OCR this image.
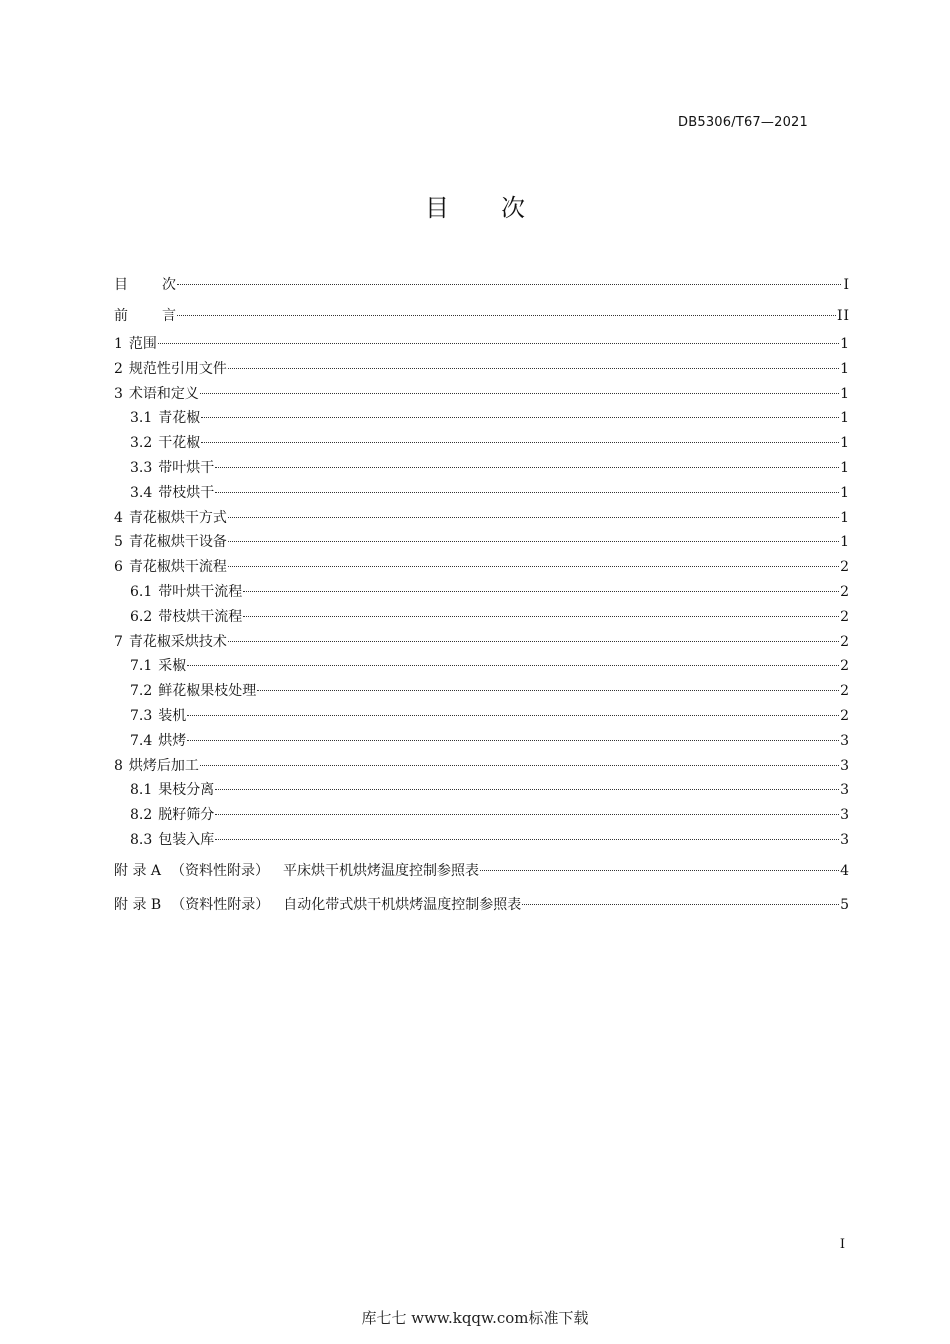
DB5306/T67—2021
目 次
目 次	I
前 言	II
1 范围	1
2 规范性引用文件	1
3 术语和定义	1
3.1 青花椒	1
3.2 干花椒	1
3.3 带叶烘干	1
3.4 带枝烘干	1
4 青花椒烘干方式	1
5 青花椒烘干设备	1
6 青花椒烘干流程	2
6.1 带叶烘干流程	2
6.2 带枝烘干流程	2
7 青花椒采烘技术	2
7.1 采椒	2
7.2 鲜花椒果枝处理	2
7.3 装机	2
7.4 烘烤	3
8 烘烤后加工	3
8.1 果枝分离	3
8.2 脱籽筛分	3
8.3 包装入库	3
附 录 A （资料性附录） 平床烘干机烘烤温度控制参照表	4
附 录 B （资料性附录） 自动化带式烘干机烘烤温度控制参照表	5
I
库七七 www.kqqw.com标准下载
